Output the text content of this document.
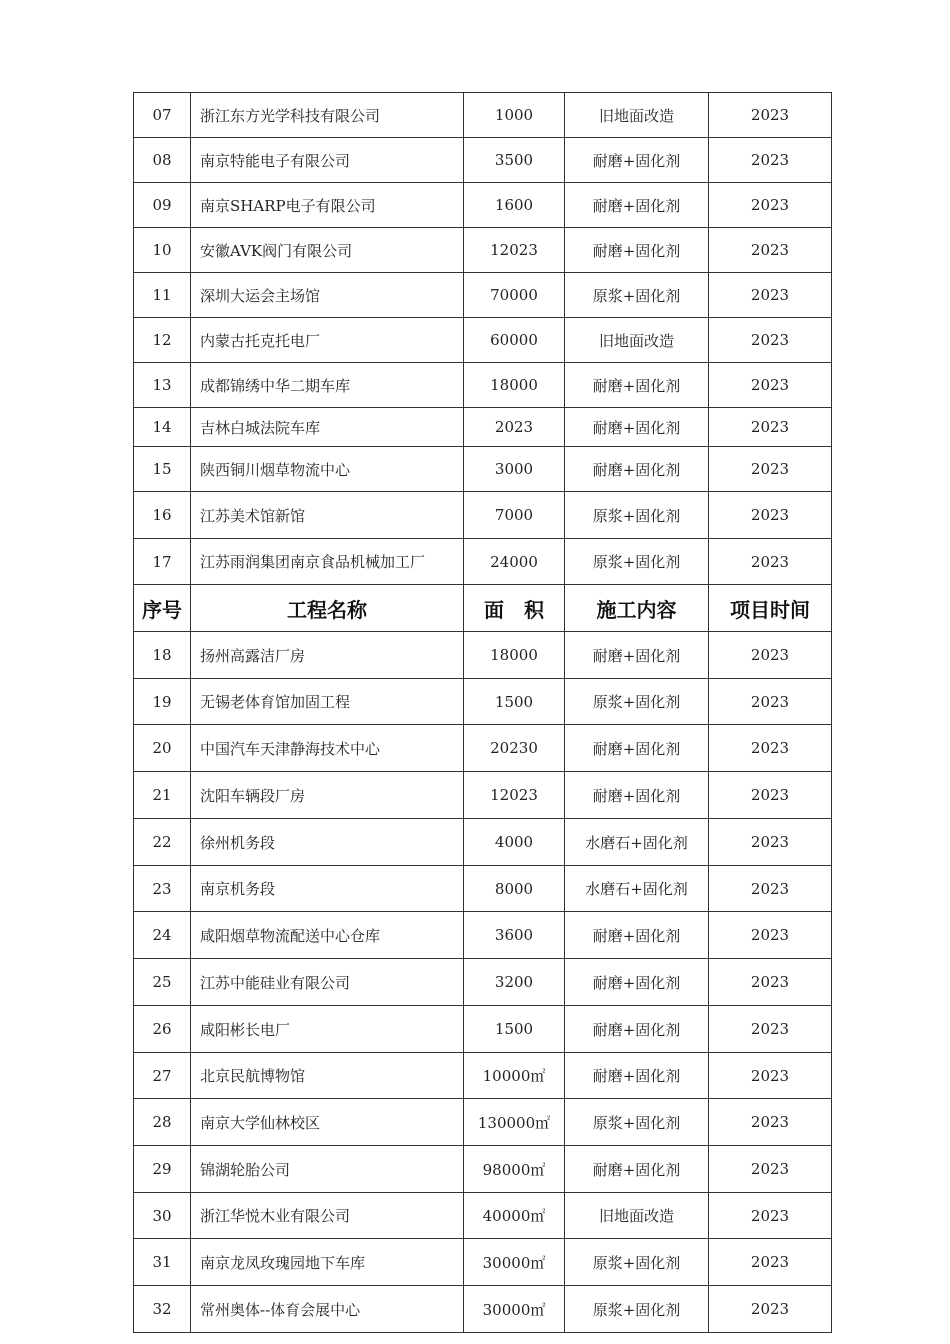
07	浙江东方光学科技有限公司	1000	旧地面改造	2023
08	南京特能电子有限公司	3500	耐磨+固化剂	2023
09	南京SHARP电子有限公司	1600	耐磨+固化剂	2023
10	安徽AVK阀门有限公司	12023	耐磨+固化剂	2023
11	深圳大运会主场馆	70000	原浆+固化剂	2023
12	内蒙古托克托电厂	60000	旧地面改造	2023
13	成都锦绣中华二期车库	18000	耐磨+固化剂	2023
14	吉林白城法院车库	2023	耐磨+固化剂	2023
15	陕西铜川烟草物流中心	3000	耐磨+固化剂	2023
16	江苏美术馆新馆	7000	原浆+固化剂	2023
17	江苏雨润集团南京食品机械加工厂	24000	原浆+固化剂	2023
序号	工程名称	面　积	施工内容	项目时间
18	扬州高露洁厂房	18000	耐磨+固化剂	2023
19	无锡老体育馆加固工程	1500	原浆+固化剂	2023
20	中国汽车天津静海技术中心	20230	耐磨+固化剂	2023
21	沈阳车辆段厂房	12023	耐磨+固化剂	2023
22	徐州机务段	4000	水磨石+固化剂	2023
23	南京机务段	8000	水磨石+固化剂	2023
24	咸阳烟草物流配送中心仓库	3600	耐磨+固化剂	2023
25	江苏中能硅业有限公司	3200	耐磨+固化剂	2023
26	咸阳彬长电厂	1500	耐磨+固化剂	2023
27	北京民航博物馆	10000㎡	耐磨+固化剂	2023
28	南京大学仙林校区	130000㎡	原浆+固化剂	2023
29	锦湖轮胎公司	98000㎡	耐磨+固化剂	2023
30	浙江华悦木业有限公司	40000㎡	旧地面改造	2023
31	南京龙凤玫瑰园地下车库	30000㎡	原浆+固化剂	2023
32	常州奥体--体育会展中心	30000㎡	原浆+固化剂	2023
